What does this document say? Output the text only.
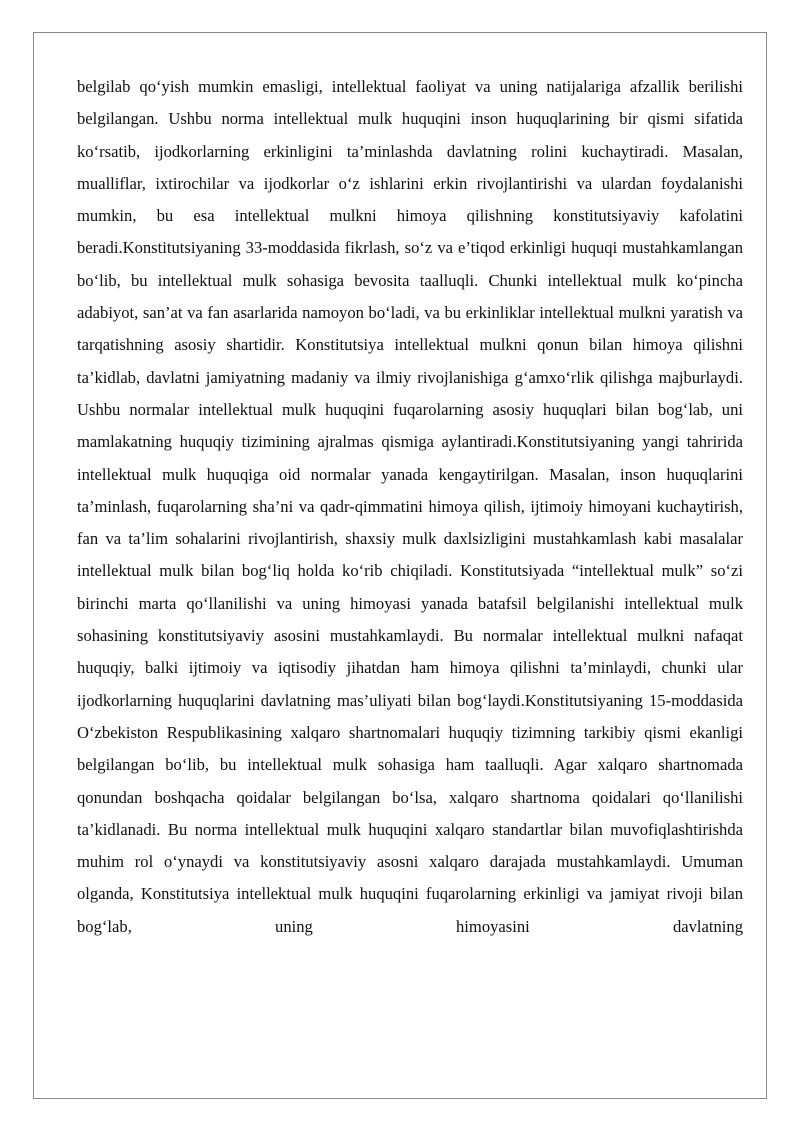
belgilab qo‘yish mumkin emasligi, intellektual faoliyat va uning natijalariga afzallik berilishi belgilangan. Ushbu norma intellektual mulk huquqini inson huquqlarining bir qismi sifatida ko‘rsatib, ijodkorlarning erkinligini ta’minlashda davlatning rolini kuchaytiradi. Masalan, mualliflar, ixtirochilar va ijodkorlar o‘z ishlarini erkin rivojlantirishi va ulardan foydalanishi mumkin, bu esa intellektual mulkni himoya qilishning konstitutsiyaviy kafolatini beradi.Konstitutsiyaning 33-moddasida fikrlash, so‘z va e’tiqod erkinligi huquqi mustahkamlangan bo‘lib, bu intellektual mulk sohasiga bevosita taalluqli. Chunki intellektual mulk ko‘pincha adabiyot, san’at va fan asarlarida namoyon bo‘ladi, va bu erkinliklar intellektual mulkni yaratish va tarqatishning asosiy shartidir. Konstitutsiya intellektual mulkni qonun bilan himoya qilishni ta’kidlab, davlatni jamiyatning madaniy va ilmiy rivojlanishiga g‘amxo‘rlik qilishga majburlaydi. Ushbu normalar intellektual mulk huquqini fuqarolarning asosiy huquqlari bilan bog‘lab, uni mamlakatning huquqiy tizimining ajralmas qismiga aylantiradi.Konstitutsiyaning yangi tahririda intellektual mulk huquqiga oid normalar yanada kengaytirilgan. Masalan, inson huquqlarini ta’minlash, fuqarolarning sha’ni va qadr-qimmatini himoya qilish, ijtimoiy himoyani kuchaytirish, fan va ta’lim sohalarini rivojlantirish, shaxsiy mulk daxlsizligini mustahkamlash kabi masalalar intellektual mulk bilan bog‘liq holda ko‘rib chiqiladi. Konstitutsiyada “intellektual mulk” so‘zi birinchi marta qo‘llanilishi va uning himoyasi yanada batafsil belgilanishi intellektual mulk sohasining konstitutsiyaviy asosini mustahkamlaydi. Bu normalar intellektual mulkni nafaqat huquqiy, balki ijtimoiy va iqtisodiy jihatdan ham himoya qilishni ta’minlaydi, chunki ular ijodkorlarning huquqlarini davlatning mas’uliyati bilan bog‘laydi.Konstitutsiyaning 15-moddasida O‘zbekiston Respublikasining xalqaro shartnomalari huquqiy tizimning tarkibiy qismi ekanligi belgilangan bo‘lib, bu intellektual mulk sohasiga ham taalluqli. Agar xalqaro shartnomada qonundan boshqacha qoidalar belgilangan bo‘lsa, xalqaro shartnoma qoidalari qo‘llanilishi ta’kidlanadi. Bu norma intellektual mulk huquqini xalqaro standartlar bilan muvofiqlashtirishda muhim rol o‘ynaydi va konstitutsiyaviy asosni xalqaro darajada mustahkamlaydi. Umuman olganda, Konstitutsiya intellektual mulk huquqini fuqarolarning erkinligi va jamiyat rivoji bilan bog‘lab, uning himoyasini davlatning
